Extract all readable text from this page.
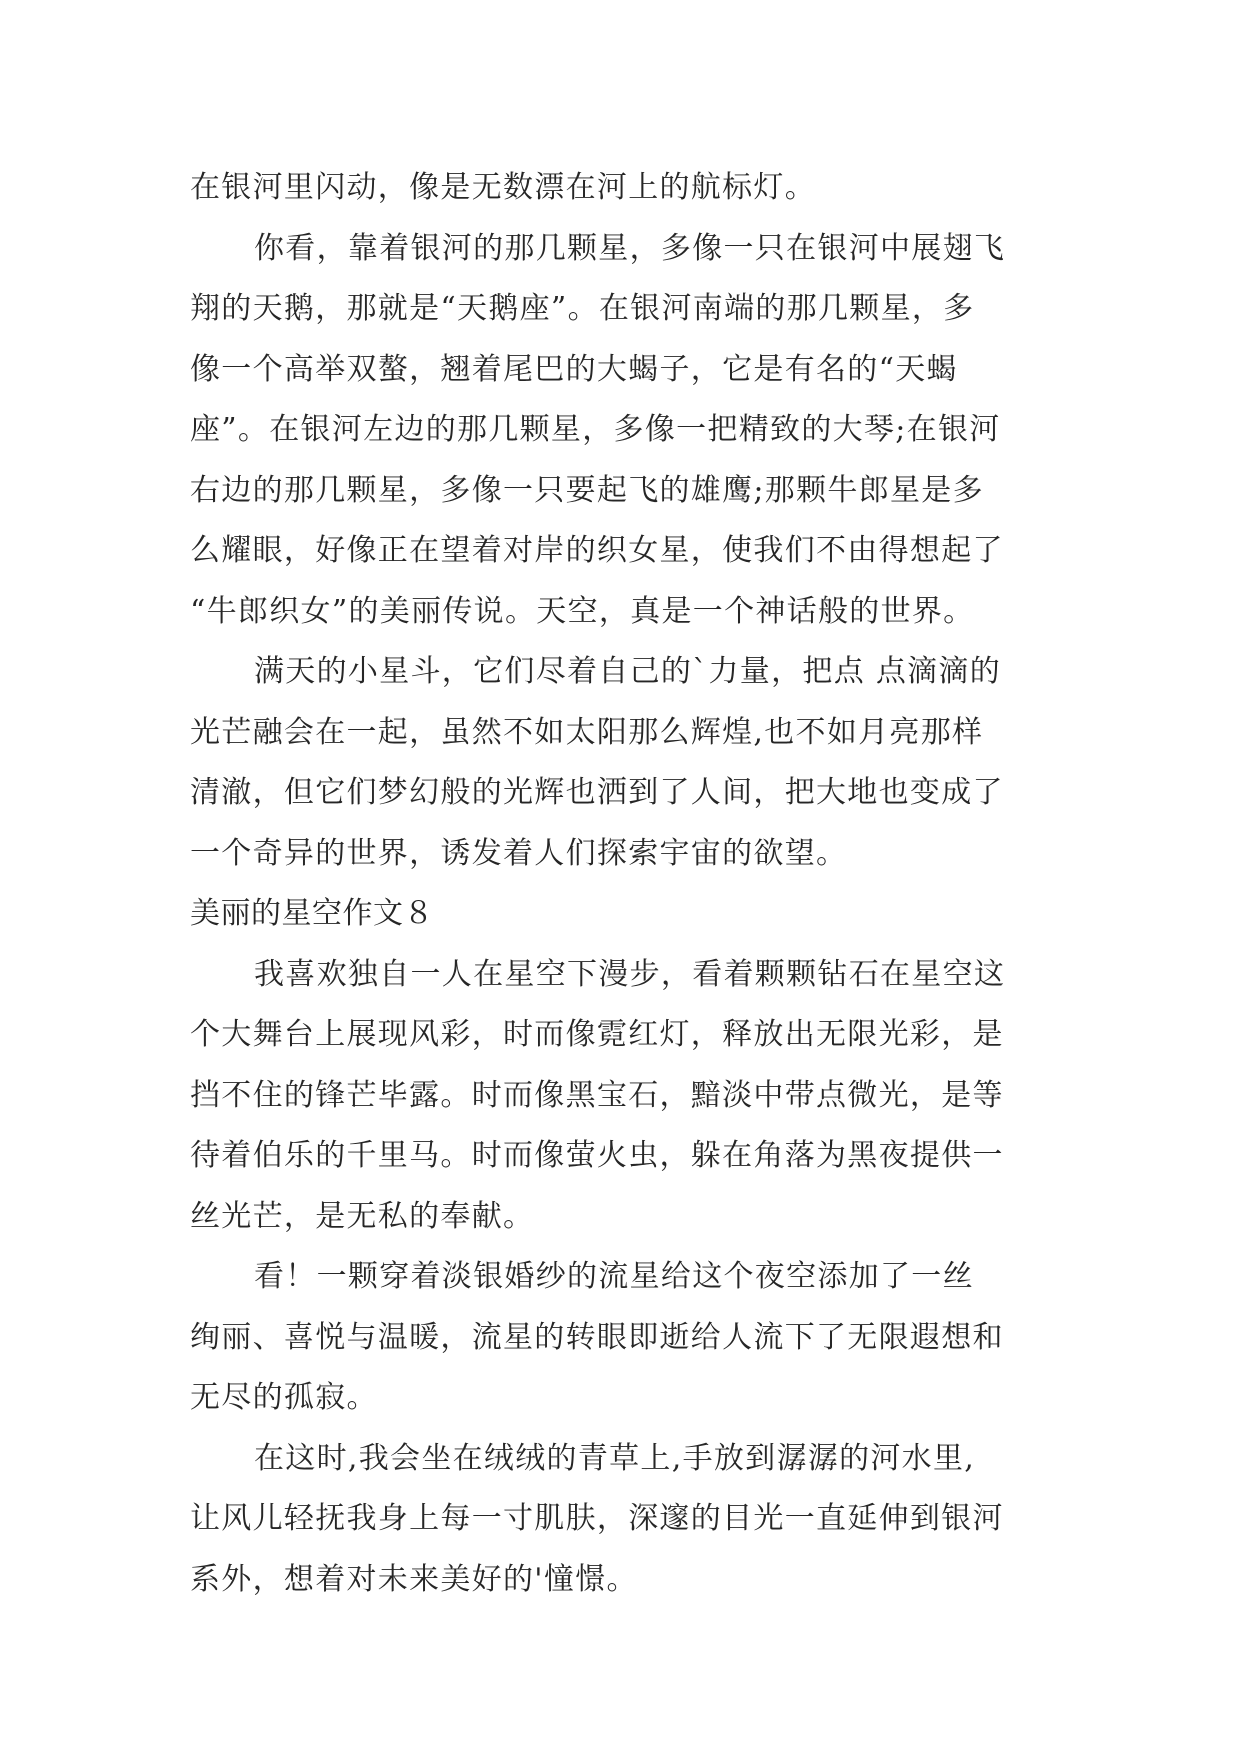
在银河里闪动，像是无数漂在河上的航标灯。
你看，靠着银河的那几颗星，多像一只在银河中展翅飞
翔的天鹅，那就是“天鹅座”。在银河南端的那几颗星，多
像一个高举双螯，翘着尾巴的大蝎子，它是有名的“天蝎
座”。在银河左边的那几颗星，多像一把精致的大琴;在银河
右边的那几颗星，多像一只要起飞的雄鹰;那颗牛郎星是多
么耀眼，好像正在望着对岸的织女星，使我们不由得想起了
“牛郎织女”的美丽传说。天空，真是一个神话般的世界。
满天的小星斗，它们尽着自己的`力量，把点 点滴滴的
光芒融会在一起，虽然不如太阳那么辉煌,也不如月亮那样
清澈，但它们梦幻般的光辉也洒到了人间，把大地也变成了
一个奇异的世界，诱发着人们探索宇宙的欲望。
美丽的星空作文８
我喜欢独自一人在星空下漫步，看着颗颗钻石在星空这
个大舞台上展现风彩，时而像霓红灯，释放出无限光彩，是
挡不住的锋芒毕露。时而像黑宝石，黯淡中带点微光，是等
待着伯乐的千里马。时而像萤火虫，躲在角落为黑夜提供一
丝光芒，是无私的奉献。
看！一颗穿着淡银婚纱的流星给这个夜空添加了一丝
绚丽、喜悦与温暖，流星的转眼即逝给人流下了无限遐想和
无尽的孤寂。
在这时,我会坐在绒绒的青草上,手放到潺潺的河水里,
让风儿轻抚我身上每一寸肌肤，深邃的目光一直延伸到银河
系外，想着对未来美好的'憧憬。
